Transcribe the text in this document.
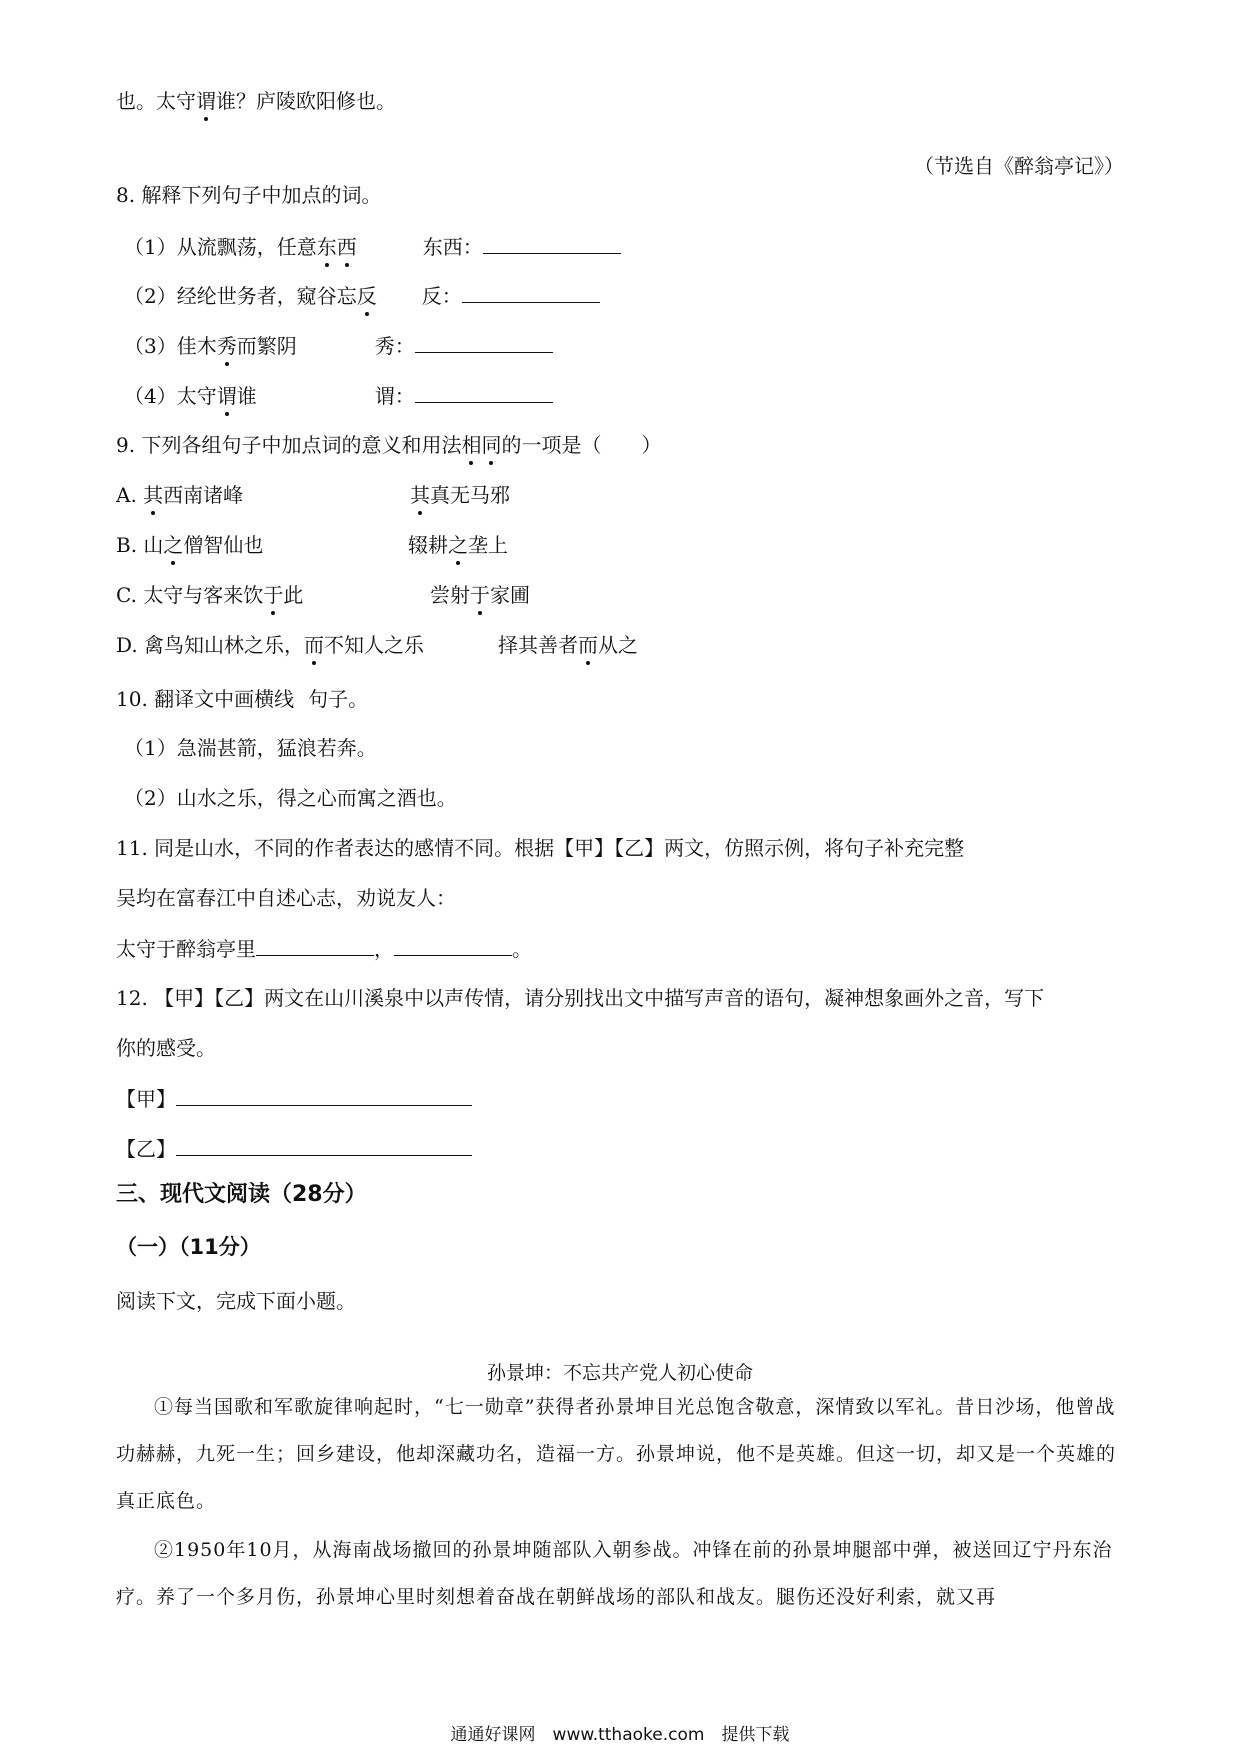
也。太守谓谁？庐陵欧阳修也。
（节选自《醉翁亭记》）
8. 解释下列句子中加点的词。
（1）从流飘荡，任意东西	东西：
（2）经纶世务者，窥谷忘反 反：
（3）佳木秀而繁阴	秀：
（4）太守谓谁	谓：
9. 下列各组句子中加点词的意义和用法相同的一项是（　　）
A. 其西南诸峰	其真无马邪
B. 山之僧智仙也	辍耕之垄上
C. 太守与客来饮于此	尝射于家圃
D. 禽鸟知山林之乐，而不知人之乐	择其善者而从之
10. 翻译文中画横线 句子。
（1）急湍甚箭，猛浪若奔。
（2）山水之乐，得之心而寓之酒也。
11. 同是山水，不同的作者表达的感情不同。根据【甲】【乙】两文，仿照示例，将句子补充完整
吴均在富春江中自述心志，劝说友人：
太守于醉翁亭里	，	。
12. 【甲】【乙】两文在山川溪泉中以声传情，请分别找出文中描写声音的语句，凝神想象画外之音，写下
你的感受。
【甲】
【乙】
三、现代文阅读（28分）
（一）（11分）
阅读下文，完成下面小题。
孙景坤：不忘共产党人初心使命
①每当国歌和军歌旋律响起时，“七一勋章”获得者孙景坤目光总饱含敬意，深情致以军礼。昔日沙场，他曾战功赫赫，九死一生；回乡建设，他却深藏功名，造福一方。孙景坤说，他不是英雄。但这一切，却又是一个英雄的真正底色。
②1950年10月，从海南战场撤回的孙景坤随部队入朝参战。冲锋在前的孙景坤腿部中弹，被送回辽宁丹东治疗。养了一个多月伤，孙景坤心里时刻想着奋战在朝鲜战场的部队和战友。腿伤还没好利索，就又再
通通好课网　www.tthaoke.com　提供下载
